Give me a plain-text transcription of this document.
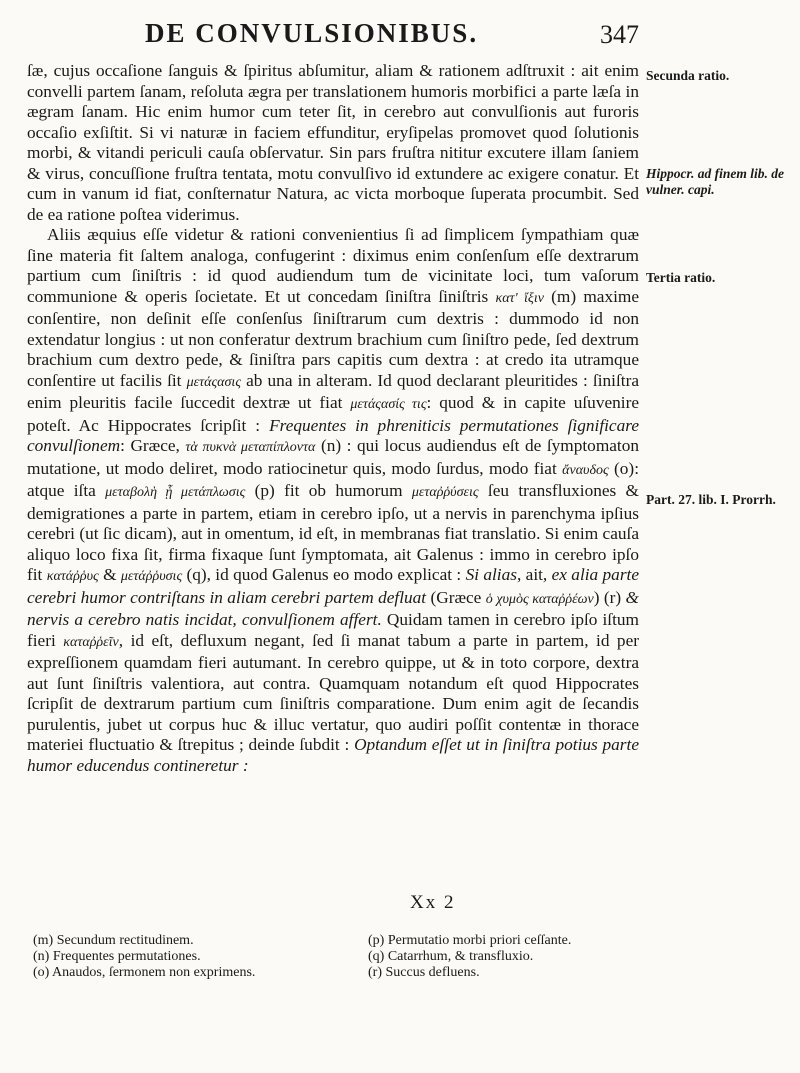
DE CONVULSIONIBUS.	347

ſæ, cujus occaſione ſanguis & ſpiritus abſumitur, aliam & rationem adſtruxit : ait enim convelli partem ſanam, reſoluta ægra per translationem humoris morbifici a parte læſa in ægram ſanam. Hic enim humor cum teter ſit, in cerebro aut convulſionis aut furoris occaſio exſiſtit. Si vi naturæ in faciem effunditur, eryſipelas promovet quod ſolutionis morbi, & vitandi periculi cauſa obſervatur. Sin pars fruſtra nititur excutere illam ſaniem & virus, concuſſione fruſtra tentata, motu convulſivo id extundere ac exigere conatur. Et cum in vanum id fiat, conſternatur Natura, ac victa morboque ſuperata procumbit. Sed de ea ratione poſtea viderimus.

Aliis æquius eſſe videtur & rationi convenientius ſi ad ſimplicem ſympathiam quæ ſine materia fit ſaltem analoga, confugerint : diximus enim conſenſum eſſe dextrarum partium cum ſiniſtris : id quod audiendum tum de vicinitate loci, tum vaſorum communione & operis ſocietate. Et ut concedam ſiniſtra ſiniſtris κατ' ἴξιν (m) maxime conſentire, non deſinit eſſe conſenſus ſiniſtrarum cum dextris : dummodo id non extendatur longius : ut non conferatur dextrum brachium cum ſiniſtro pede, ſed dextrum brachium cum dextro pede, & ſiniſtra pars capitis cum dextra : at credo ita utramque conſentire ut facilis ſit μετάςασις ab una in alteram. Id quod declarant pleuritides : ſiniſtra enim pleuritis facile ſuccedit dextræ ut fiat μετάςασίς τις: quod & in capite uſuvenire poteſt. Ac Hippocrates ſcripſit : Frequentes in phreniticis permutationes ſignificare convulſionem: Græce, τὰ πυκνὰ μεταπίπλοντα (n) : qui locus audiendus eſt de ſymptomaton mutatione, ut modo deliret, modo ratiocinetur quis, modo ſurdus, modo fiat ἄναυδος (o): atque iſta μεταβολὴ ᾗ μετάπλωσις (p) fit ob humorum μεταῤῥύσεις ſeu transfluxiones & demigrationes a parte in partem, etiam in cerebro ipſo, ut a nervis in parenchyma ipſius cerebri (ut ſic dicam), aut in omentum, id eſt, in membranas fiat translatio. Si enim cauſa aliquo loco fixa ſit, firma fixaque ſunt ſymptomata, ait Galenus : immo in cerebro ipſo fit κατάῤῥυς & μετάῤῥυσις (q), id quod Galenus eo modo explicat : Si alias, ait, ex alia parte cerebri humor contriſtans in aliam cerebri partem defluat (Græce ὁ χυμὸς καταῤῥέων) (r) & nervis a cerebro natis incidat, convulſionem affert. Quidam tamen in cerebro ipſo iſtum fieri καταῤῥεῖν, id eſt, defluxum negant, ſed ſi manat tabum a parte in partem, id per expreſſionem quamdam fieri autumant. In cerebro quippe, ut & in toto corpore, dextra aut ſunt ſiniſtris valentiora, aut contra. Quamquam notandum eſt quod Hippocrates ſcripſit de dextrarum partium cum ſiniſtris comparatione. Dum enim agit de ſecandis purulentis, jubet ut corpus huc & illuc vertatur, quo audiri poſſit contentæ in thorace materiei fluctuatio & ſtrepitus ; deinde ſubdit : Optandum eſſet ut in ſiniſtra potius parte humor educendus contineretur :

Secunda ratio.
Hippocr. ad finem lib. de vulner. capi.
Tertia ratio.
Part. 27. lib. I. Prorrh.
Xx 2

(m) Secundum rectitudinem.

(n) Frequentes permutationes.

(o) Anaudos, ſermonem non exprimens.

(p) Permutatio morbi priori ceſſante.

(q) Catarrhum, & transfluxio.

(r) Succus defluens.
